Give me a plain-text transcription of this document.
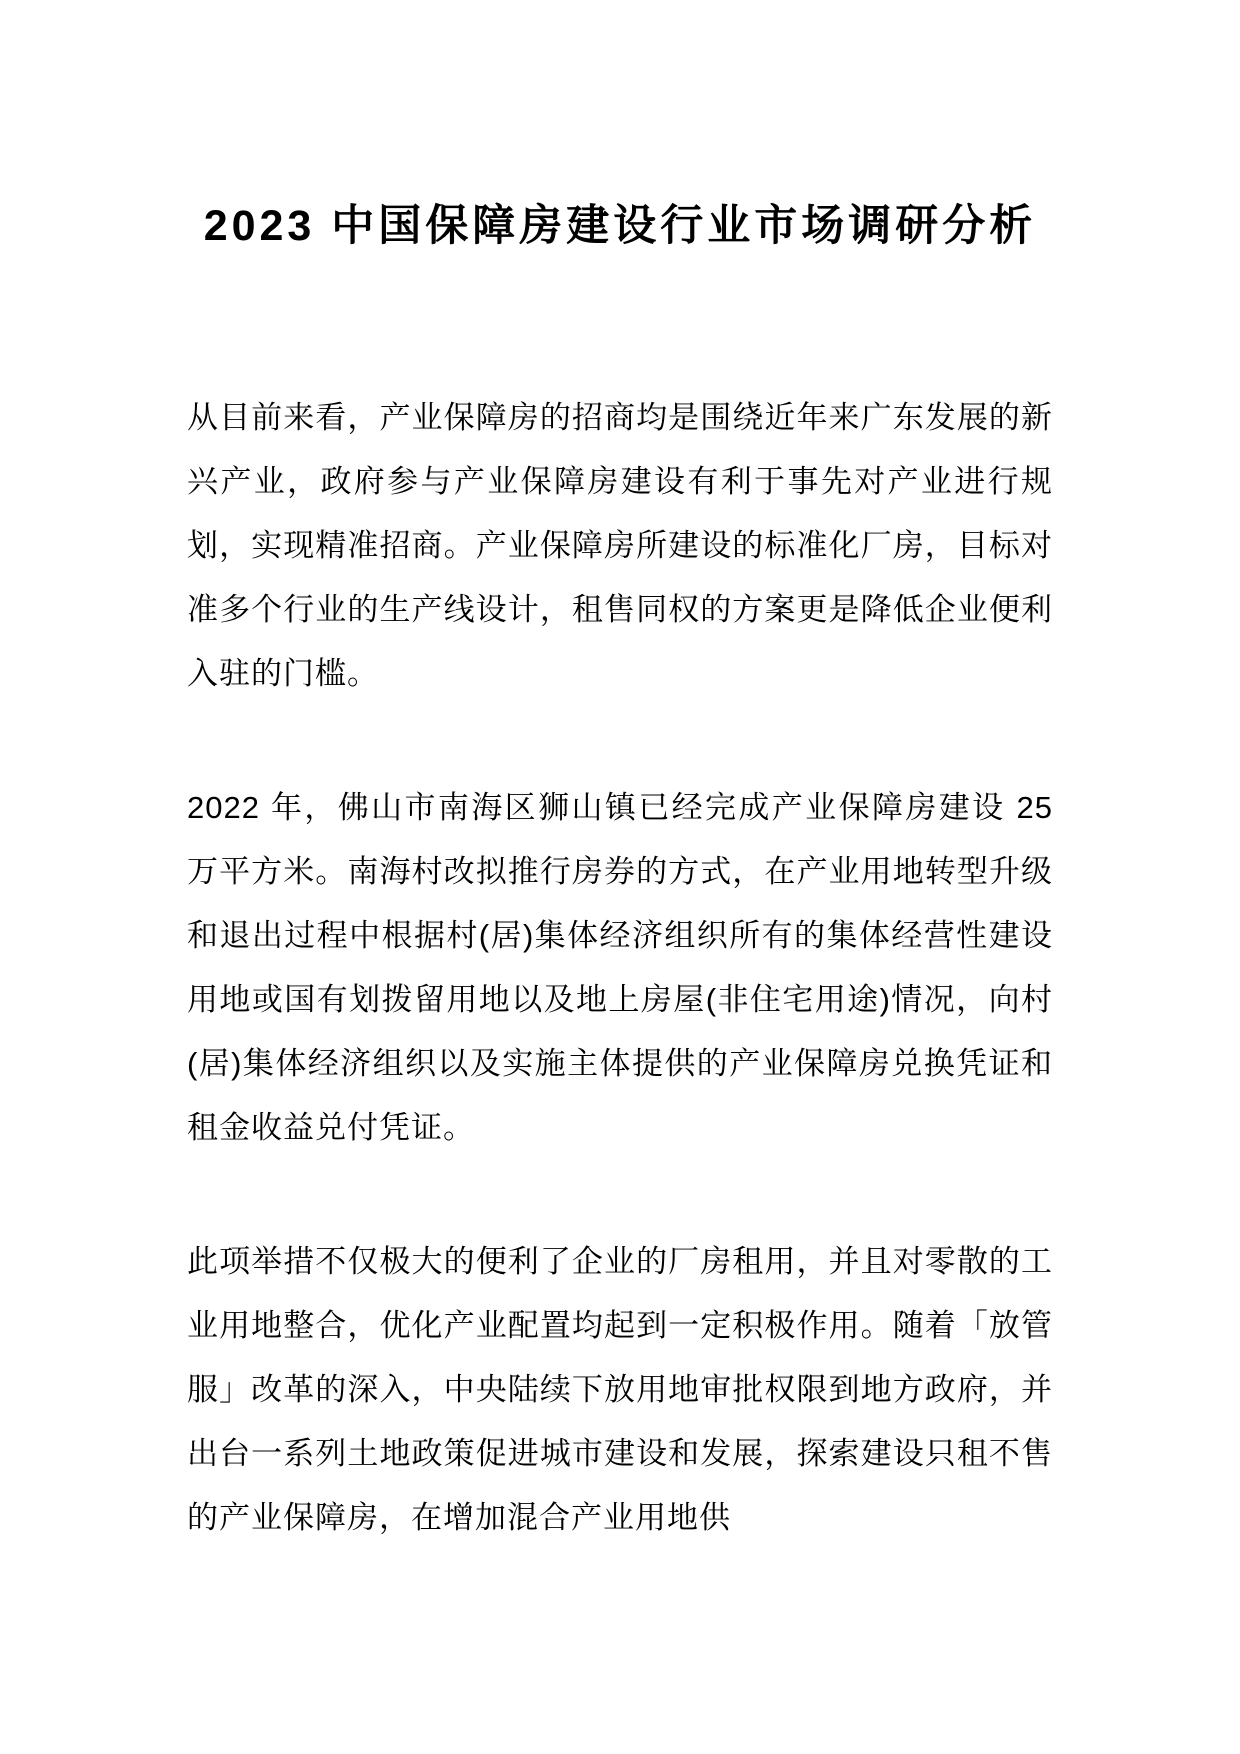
2023 中国保障房建设行业市场调研分析

从目前来看，产业保障房的招商均是围绕近年来广东发展的新兴产业，政府参与产业保障房建设有利于事先对产业进行规划，实现精准招商。产业保障房所建设的标准化厂房，目标对准多个行业的生产线设计，租售同权的方案更是降低企业便利入驻的门槛。

2022 年，佛山市南海区狮山镇已经完成产业保障房建设 25 万平方米。南海村改拟推行房券的方式，在产业用地转型升级和退出过程中根据村(居)集体经济组织所有的集体经营性建设用地或国有划拨留用地以及地上房屋(非住宅用途)情况，向村(居)集体经济组织以及实施主体提供的产业保障房兑换凭证和租金收益兑付凭证。

此项举措不仅极大的便利了企业的厂房租用，并且对零散的工业用地整合，优化产业配置均起到一定积极作用。随着「放管服」改革的深入，中央陆续下放用地审批权限到地方政府，并出台一系列土地政策促进城市建设和发展，探索建设只租不售的产业保障房，在增加混合产业用地供
